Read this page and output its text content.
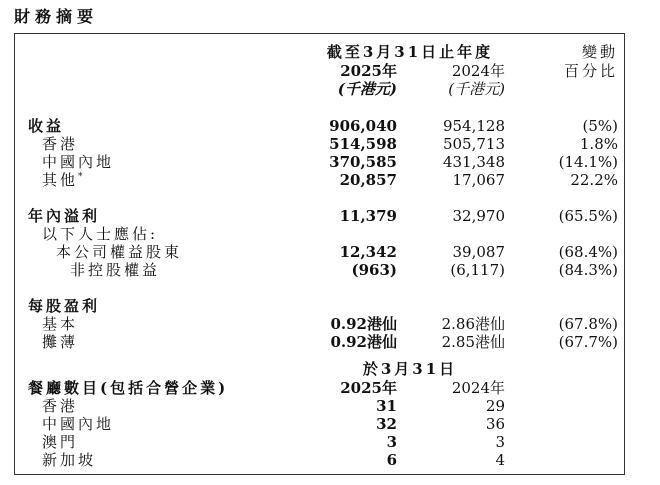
財務摘要
截至3月31日止年度	變動
2025年	2024年	百分比
(千港元)	(千港元)
收益	906,040	954,128	(5%)
香港	514,598	505,713	1.8%
中國內地	370,585	431,348	(14.1%)
其他*	20,857	17,067	22.2%
年內溢利	11,379	32,970	(65.5%)
以下人士應佔:
本公司權益股東	12,342	39,087	(68.4%)
非控股權益	(963)	(6,117)	(84.3%)
每股盈利
基本	0.92港仙	2.86港仙	(67.8%)
攤薄	0.92港仙	2.85港仙	(67.7%)
於3月31日
餐廳數目(包括合營企業)	2025年	2024年
香港	31	29
中國內地	32	36
澳門	3	3
新加坡	6	4
